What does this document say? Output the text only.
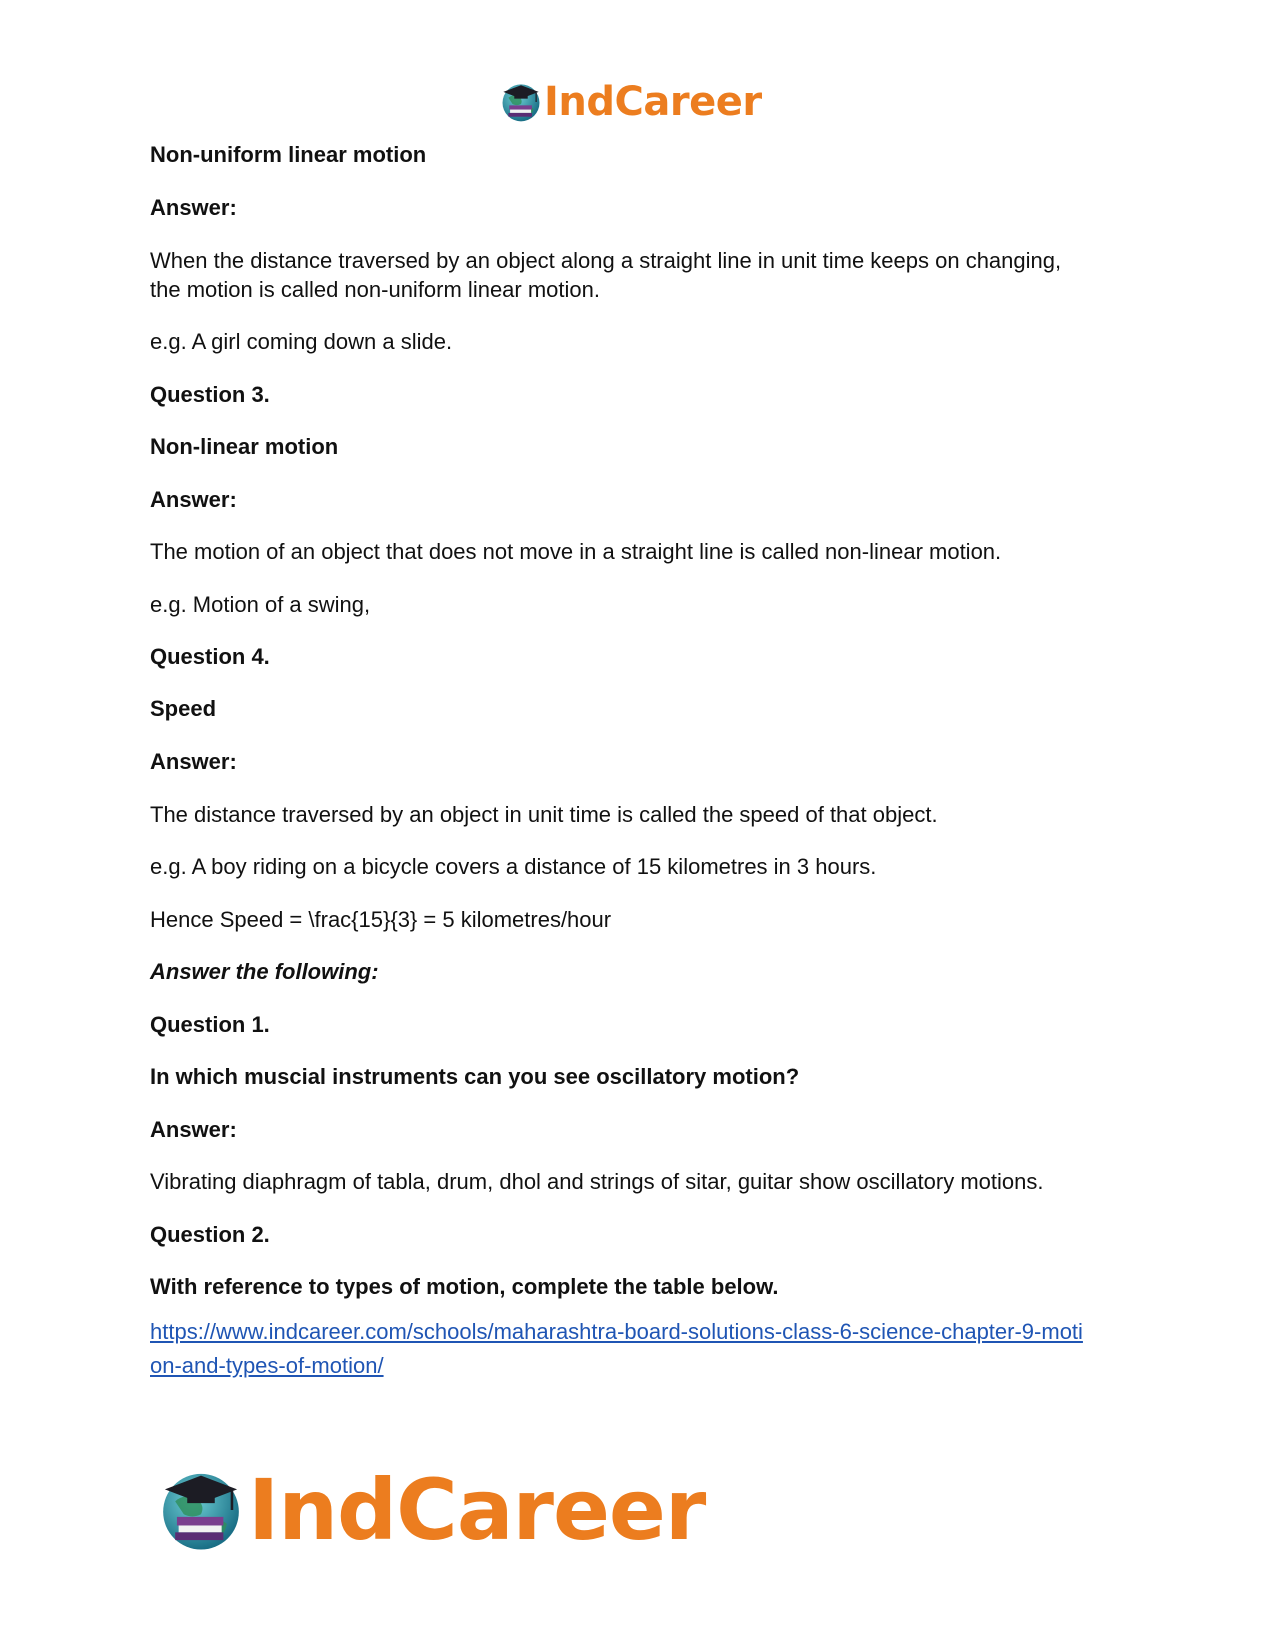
IndCareer
Non-uniform linear motion
Answer:
When the distance traversed by an object along a straight line in unit time keeps on changing,
the motion is called non-uniform linear motion.
e.g. A girl coming down a slide.
Question 3.
Non-linear motion
Answer:
The motion of an object that does not move in a straight line is called non-linear motion.
e.g. Motion of a swing,
Question 4.
Speed
Answer:
The distance traversed by an object in unit time is called the speed of that object.
e.g. A boy riding on a bicycle covers a distance of 15 kilometres in 3 hours.
Hence Speed = \frac{15}{3} = 5 kilometres/hour
Answer the following:
Question 1.
In which muscial instruments can you see oscillatory motion?
Answer:
Vibrating diaphragm of tabla, drum, dhol and strings of sitar, guitar show oscillatory motions.
Question 2.
With reference to types of motion, complete the table below.
https://www.indcareer.com/schools/maharashtra-board-solutions-class-6-science-chapter-9-moti
on-and-types-of-motion/
IndCareer
